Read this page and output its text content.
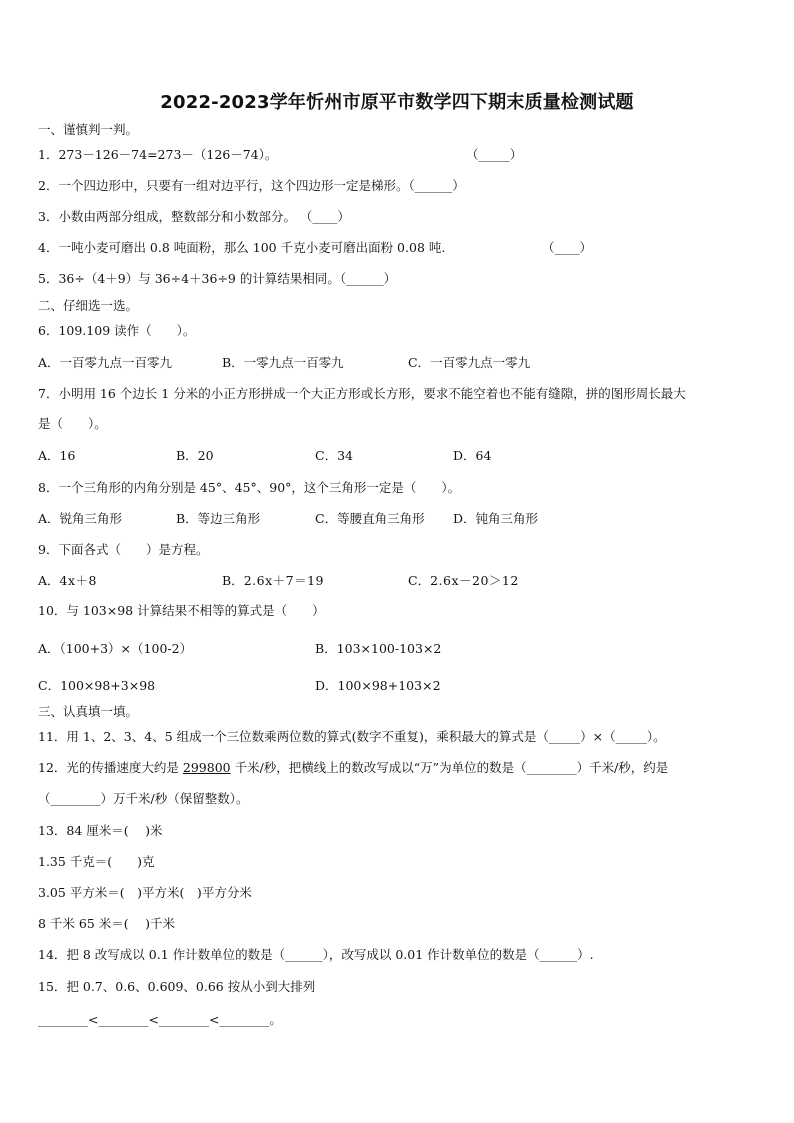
2022-2023学年忻州市原平市数学四下期末质量检测试题
一、谨慎判一判。
1．273－126－74=273－（126－74）。	（_____）
2．一个四边形中，只要有一组对边平行，这个四边形一定是梯形。（______）
3．小数由两部分组成，整数部分和小数部分。 （____）
4．一吨小麦可磨出 0.8 吨面粉，那么 100 千克小麦可磨出面粉 0.08 吨.	（____）
5．36÷（4＋9）与 36÷4＋36÷9 的计算结果相同。（______）
二、仔细选一选。
6．109.109 读作（　　）。
A．一百零九点一百零九	B．一零九点一百零九	C．一百零九点一零九
7．小明用 16 个边长 1 分米的小正方形拼成一个大正方形或长方形，要求不能空着也不能有缝隙，拼的图形周长最大
是（　　）。
A．16	B．20	C．34	D．64
8．一个三角形的内角分别是 45°、45°、90°，这个三角形一定是（　　）。
A．锐角三角形	B．等边三角形	C．等腰直角三角形 D．钝角三角形
9．下面各式（　　）是方程。
A．4x＋8	B．2.6x＋7＝19	C．2.6x－20＞12
10．与 103×98 计算结果不相等的算式是（　　）
A．（100+3）×（100-2）	B．103×100-103×2
C．100×98+3×98	D．100×98+103×2
三、认真填一填。
11．用 1、2、3、4、5 组成一个三位数乘两位数的算式(数字不重复)，乘积最大的算式是（_____）×（_____）。
12．光的传播速度大约是 299800 千米/秒，把横线上的数改写成以“万”为单位的数是（________）千米/秒，约是
（________）万千米/秒（保留整数）。
13．84 厘米＝(　 )米
1.35 千克＝(　　)克
3.05 平方米＝(　)平方米(　)平方分米
8 千米 65 米＝(　 )千米
14．把 8 改写成以 0.1 作计数单位的数是（______），改写成以 0.01 作计数单位的数是（______）.
15．把 0.7、0.6、0.609、0.66 按从小到大排列
________<________<________<________。
